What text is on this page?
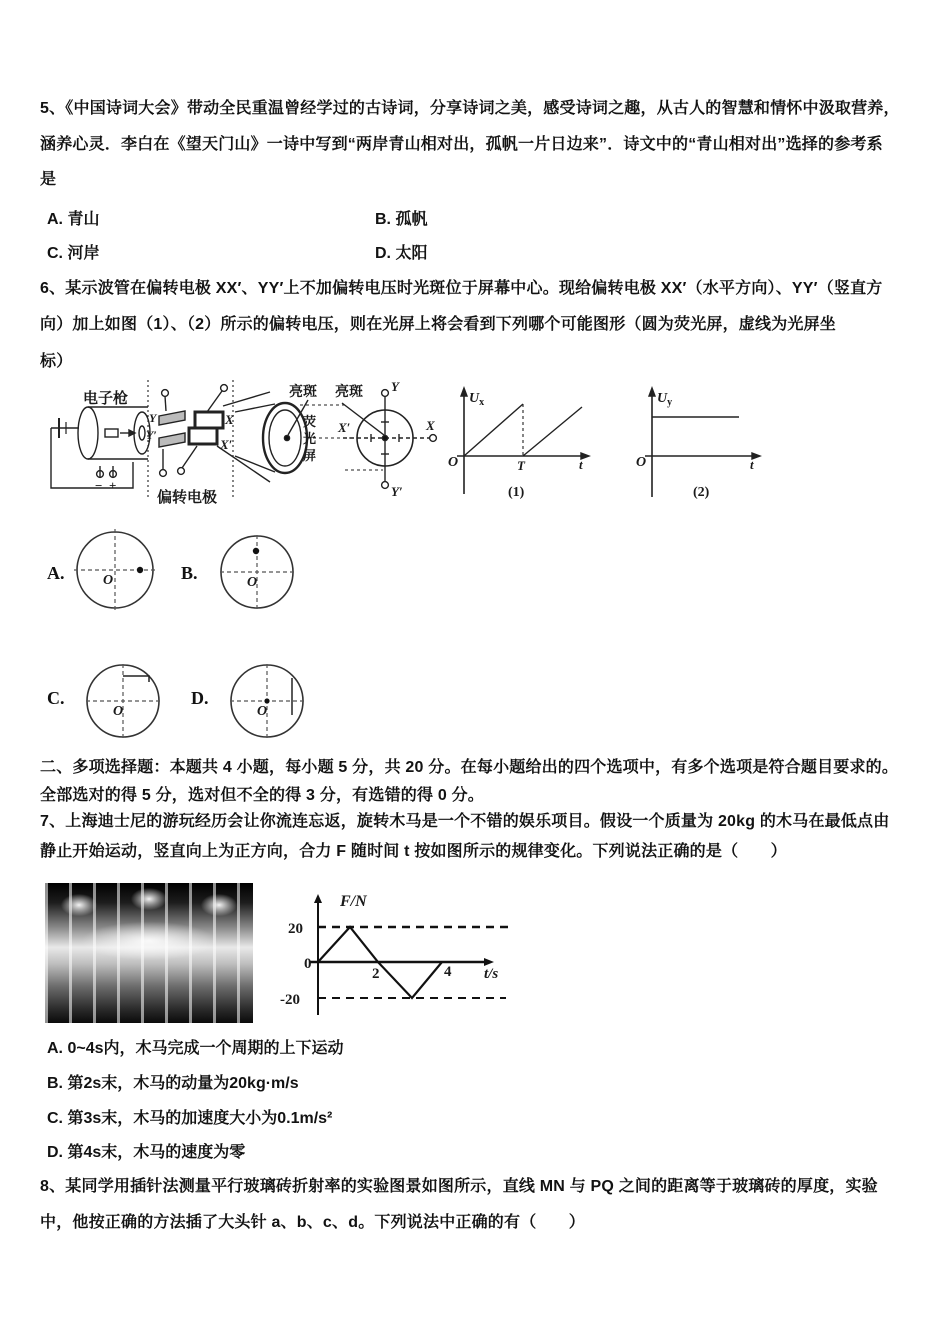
5、《中国诗词大会》带动全民重温曾经学过的古诗词，分享诗词之美，感受诗词之趣，从古人的智慧和情怀中汲取营养，
涵养心灵．李白在《望天门山》一诗中写到“两岸青山相对出，孤帆一片日边来”．诗文中的“青山相对出”选择的参考系
是
A. 青山	B. 孤帆
C. 河岸	D. 太阳
6、某示波管在偏转电极 XX′、YY′上不加偏转电压时光斑位于屏幕中心。现给偏转电极 XX′（水平方向）、YY′（竖直方
向）加上如图（1）、（2）所示的偏转电压，则在光屏上将会看到下列哪个可能图形（圆为荧光屏，虚线为光屏坐
标）
电子枪
− +
Y
Y′
X
X′
偏转电极
亮斑 亮斑
荧
光
屏
Y
Y′
X′	X
Ux
O	T	t
(1)
Uy
O	t
(2)
A.	O	B.	O
C.
O
D.
O
二、多项选择题：本题共 4 小题，每小题 5 分，共 20 分。在每小题给出的四个选项中，有多个选项是符合题目要求的。
全部选对的得 5 分，选对但不全的得 3 分，有选错的得 0 分。
7、上海迪士尼的游玩经历会让你流连忘返，旋转木马是一个不错的娱乐项目。假设一个质量为 20kg 的木马在最低点由
静止开始运动，竖直向上为正方向，合力 F 随时间 t 按如图所示的规律变化。下列说法正确的是（　　）
F/N
20
0
-20
2	4 t/s
A. 0~4s内，木马完成一个周期的上下运动
B. 第2s末，木马的动量为20kg·m/s
C. 第3s末，木马的加速度大小为0.1m/s²
D. 第4s末，木马的速度为零
8、某同学用插针法测量平行玻璃砖折射率的实验图景如图所示，直线 MN 与 PQ 之间的距离等于玻璃砖的厚度，实验
中，他按正确的方法插了大头针 a、b、c、d。下列说法中正确的有（　　）
